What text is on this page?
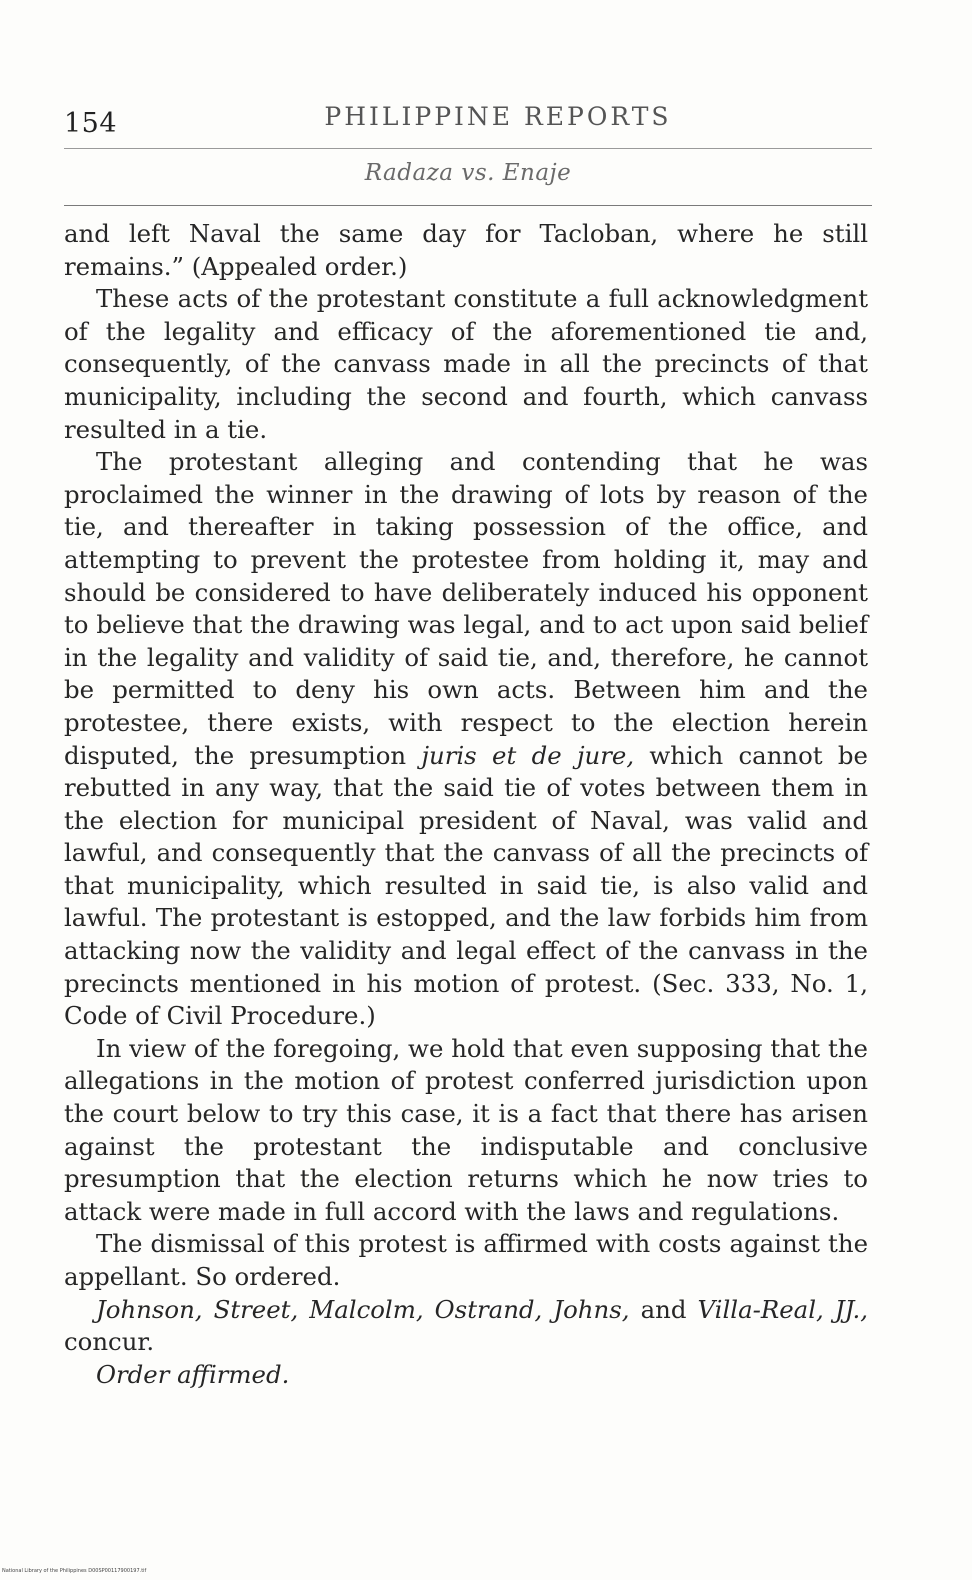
154	PHILIPPINE REPORTS
Radaza vs. Enaje

and left Naval the same day for Tacloban, where he still remains.” (Appealed order.)

These acts of the protestant constitute a full acknowledgment of the legality and efficacy of the aforementioned tie and, consequently, of the canvass made in all the precincts of that municipality, including the second and fourth, which canvass resulted in a tie.

The protestant alleging and contending that he was proclaimed the winner in the drawing of lots by reason of the tie, and thereafter in taking possession of the office, and attempting to prevent the protestee from holding it, may and should be considered to have deliberately induced his opponent to believe that the drawing was legal, and to act upon said belief in the legality and validity of said tie, and, therefore, he cannot be permitted to deny his own acts. Between him and the protestee, there exists, with respect to the election herein disputed, the presumption juris et de jure, which cannot be rebutted in any way, that the said tie of votes between them in the election for municipal president of Naval, was valid and lawful, and consequently that the canvass of all the precincts of that municipality, which resulted in said tie, is also valid and lawful. The protestant is estopped, and the law forbids him from attacking now the validity and legal effect of the canvass in the precincts mentioned in his motion of protest. (Sec. 333, No. 1, Code of Civil Procedure.)

In view of the foregoing, we hold that even supposing that the allegations in the motion of protest conferred jurisdiction upon the court below to try this case, it is a fact that there has arisen against the protestant the indisputable and conclusive presumption that the election returns which he now tries to attack were made in full accord with the laws and regulations.

The dismissal of this protest is affirmed with costs against the appellant. So ordered.

Johnson, Street, Malcolm, Ostrand, Johns, and Villa-Real, JJ., concur.

Order affirmed.

National Library of the Philippines D00SP00117900197.tif
